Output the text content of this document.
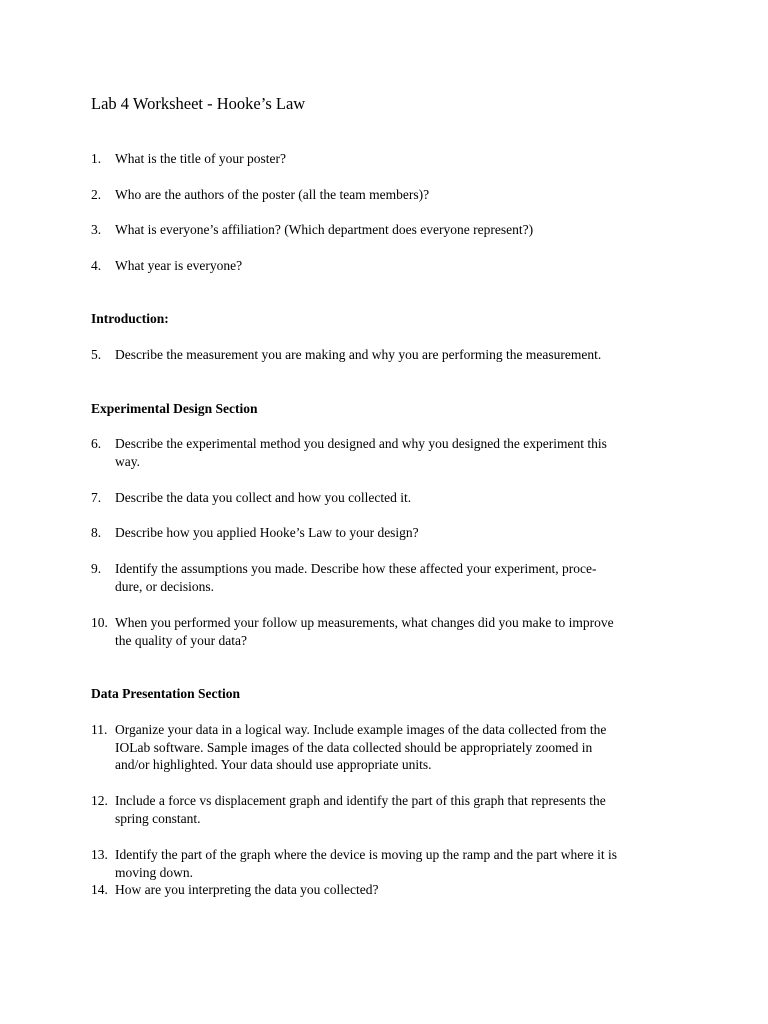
Lab 4 Worksheet - Hooke’s Law
1.	What is the title of your poster?
2.	Who are the authors of the poster (all the team members)?
3.	What is everyone’s affiliation? (Which department does everyone represent?)
4.	What year is everyone?
Introduction:
5.	Describe the measurement you are making and why you are performing the measurement.
Experimental Design Section
6.	Describe the experimental method you designed and why you designed the experiment this
way.
7.	Describe the data you collect and how you collected it.
8.	Describe how you applied Hooke’s Law to your design?
9.	Identify the assumptions you made. Describe how these affected your experiment, proce-
dure, or decisions.
10. When you performed your follow up measurements, what changes did you make to improve
the quality of your data?
Data Presentation Section
11. Organize your data in a logical way. Include example images of the data collected from the
IOLab software. Sample images of the data collected should be appropriately zoomed in
and/or highlighted. Your data should use appropriate units.
12. Include a force vs displacement graph and identify the part of this graph that represents the
spring constant.
13. Identify the part of the graph where the device is moving up the ramp and the part where it is
moving down.
14. How are you interpreting the data you collected?
